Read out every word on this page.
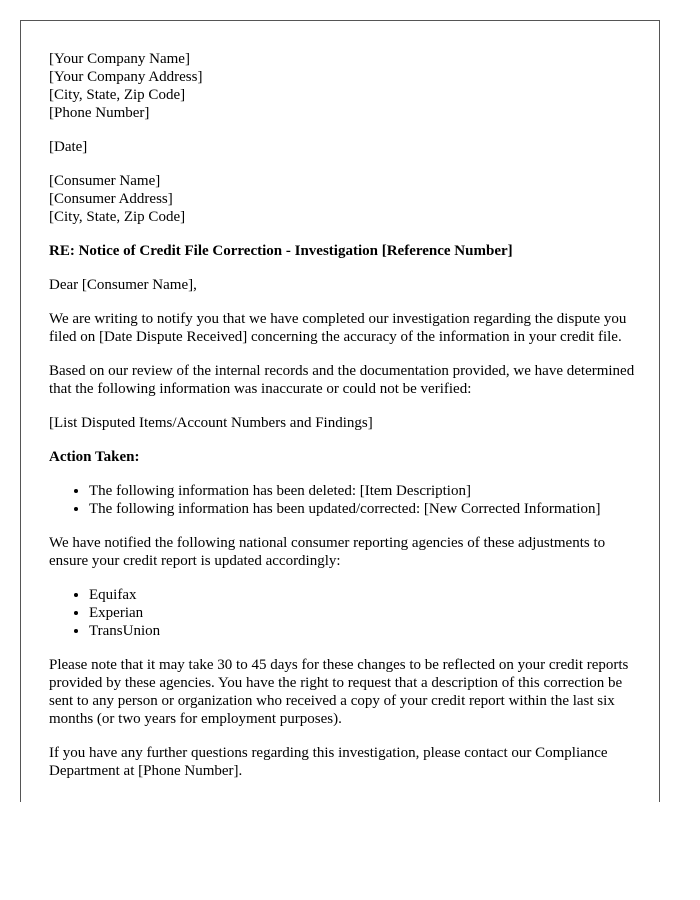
[Your Company Name]
[Your Company Address]
[City, State, Zip Code]
[Phone Number]
[Date]
[Consumer Name]
[Consumer Address]
[City, State, Zip Code]

RE: Notice of Credit File Correction - Investigation [Reference Number]

Dear [Consumer Name],

We are writing to notify you that we have completed our investigation regarding the dispute you filed on [Date Dispute Received] concerning the accuracy of the information in your credit file.

Based on our review of the internal records and the documentation provided, we have determined that the following information was inaccurate or could not be verified:

[List Disputed Items/Account Numbers and Findings]

Action Taken:

• The following information has been deleted: [Item Description]
• The following information has been updated/corrected: [New Corrected Information]

We have notified the following national consumer reporting agencies of these adjustments to ensure your credit report is updated accordingly:

• Equifax
• Experian
• TransUnion

Please note that it may take 30 to 45 days for these changes to be reflected on your credit reports provided by these agencies. You have the right to request that a description of this correction be sent to any person or organization who received a copy of your credit report within the last six months (or two years for employment purposes).

If you have any further questions regarding this investigation, please contact our Compliance Department at [Phone Number].
